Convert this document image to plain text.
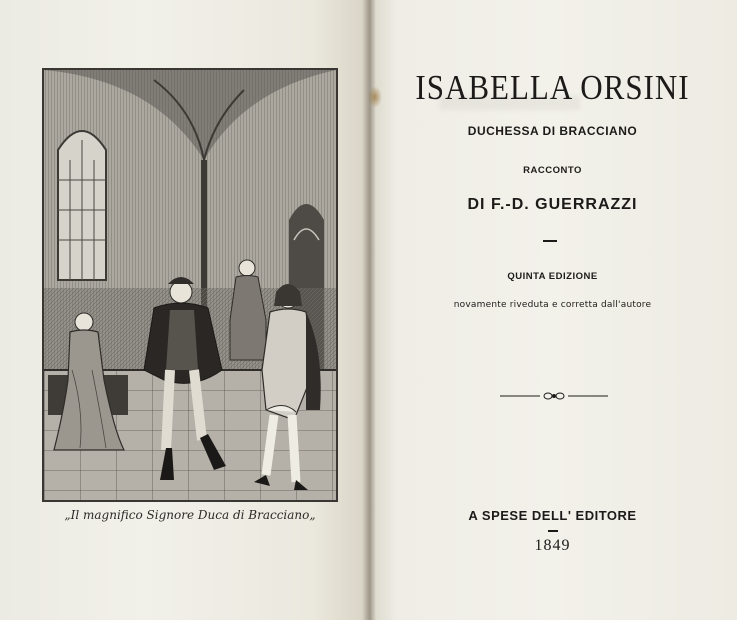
„Il magnifico Signore Duca di Bracciano„
ISABELLA ORSINI
DUCHESSA DI BRACCIANO
RACCONTO
DI F.-D. GUERRAZZI
QUINTA EDIZIONE
novamente riveduta e corretta dall'autore
A SPESE DELL' EDITORE
1849
